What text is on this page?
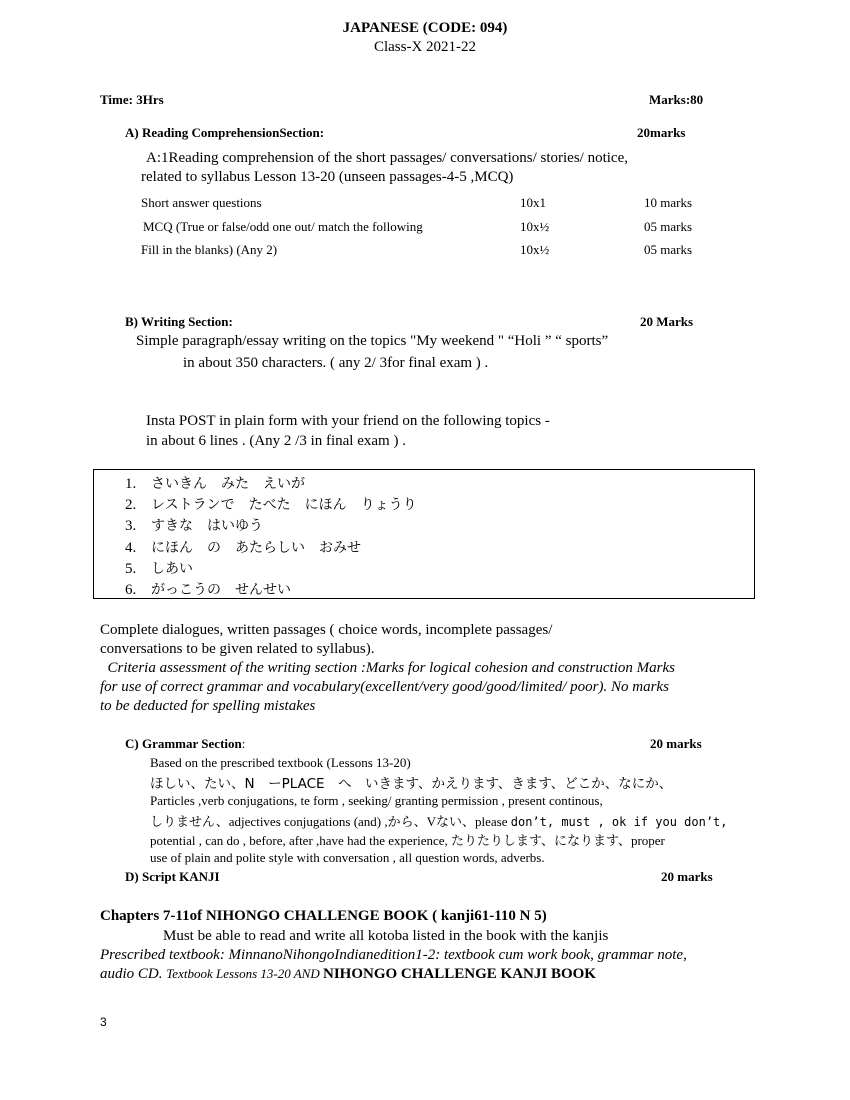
JAPANESE (CODE: 094)
Class-X 2021-22
Time: 3Hrs	Marks:80
A) Reading ComprehensionSection:	20marks
A:1Reading comprehension of the short passages/ conversations/ stories/ notice,
related to syllabus Lesson 13-20 (unseen passages-4-5 ,MCQ)
Short answer questions	10x1	10 marks
MCQ (True or false/odd one out/ match the following	10x½	05 marks
Fill in the blanks) (Any 2)	10x½	05 marks
B) Writing Section:	20 Marks
Simple paragraph/essay writing on the topics "My weekend " “Holi ” “ sports”
in about 350 characters. ( any 2/ 3for final exam ) .
Insta POST in plain form with your friend on the following topics -
in about 6 lines . (Any 2 /3 in final exam ) .
1. さいきん　みた　えいが
2. レストランで　たべた　にほん　りょうり
3. すきな　はいゆう
4. にほん　の　あたらしい　おみせ
5. しあい
6. がっこうの　せんせい
Complete dialogues, written passages ( choice words, incomplete passages/
conversations to be given related to syllabus).
Criteria assessment of the writing section :Marks for logical cohesion and construction Marks
for use of correct grammar and vocabulary(excellent/very good/good/limited/ poor). No marks
to be deducted for spelling mistakes
C) Grammar Section:	20 marks
Based on the prescribed textbook (Lessons 13-20)
ほしい、たい、N　ーPLACE　へ　いきます、かえります、きます、どこか、なにか、
Particles ,verb conjugations, te form , seeking/ granting permission , present continous,
しりません、adjectives conjugations (and) ,から、Vない、please don’t, must , ok if you don’t,
potential , can do , before, after ,have had the experience, たりたりします、になります、proper
use of plain and polite style with conversation , all question words, adverbs.
D) Script KANJI	20 marks
Chapters 7-11of NIHONGO CHALLENGE BOOK ( kanji61-110 N 5)
Must be able to read and write all kotoba listed in the book with the kanjis
Prescribed textbook: MinnanoNihongoIndianedition1-2: textbook cum work book, grammar note,
audio CD. Textbook Lessons 13-20 AND NIHONGO CHALLENGE KANJI BOOK
3
